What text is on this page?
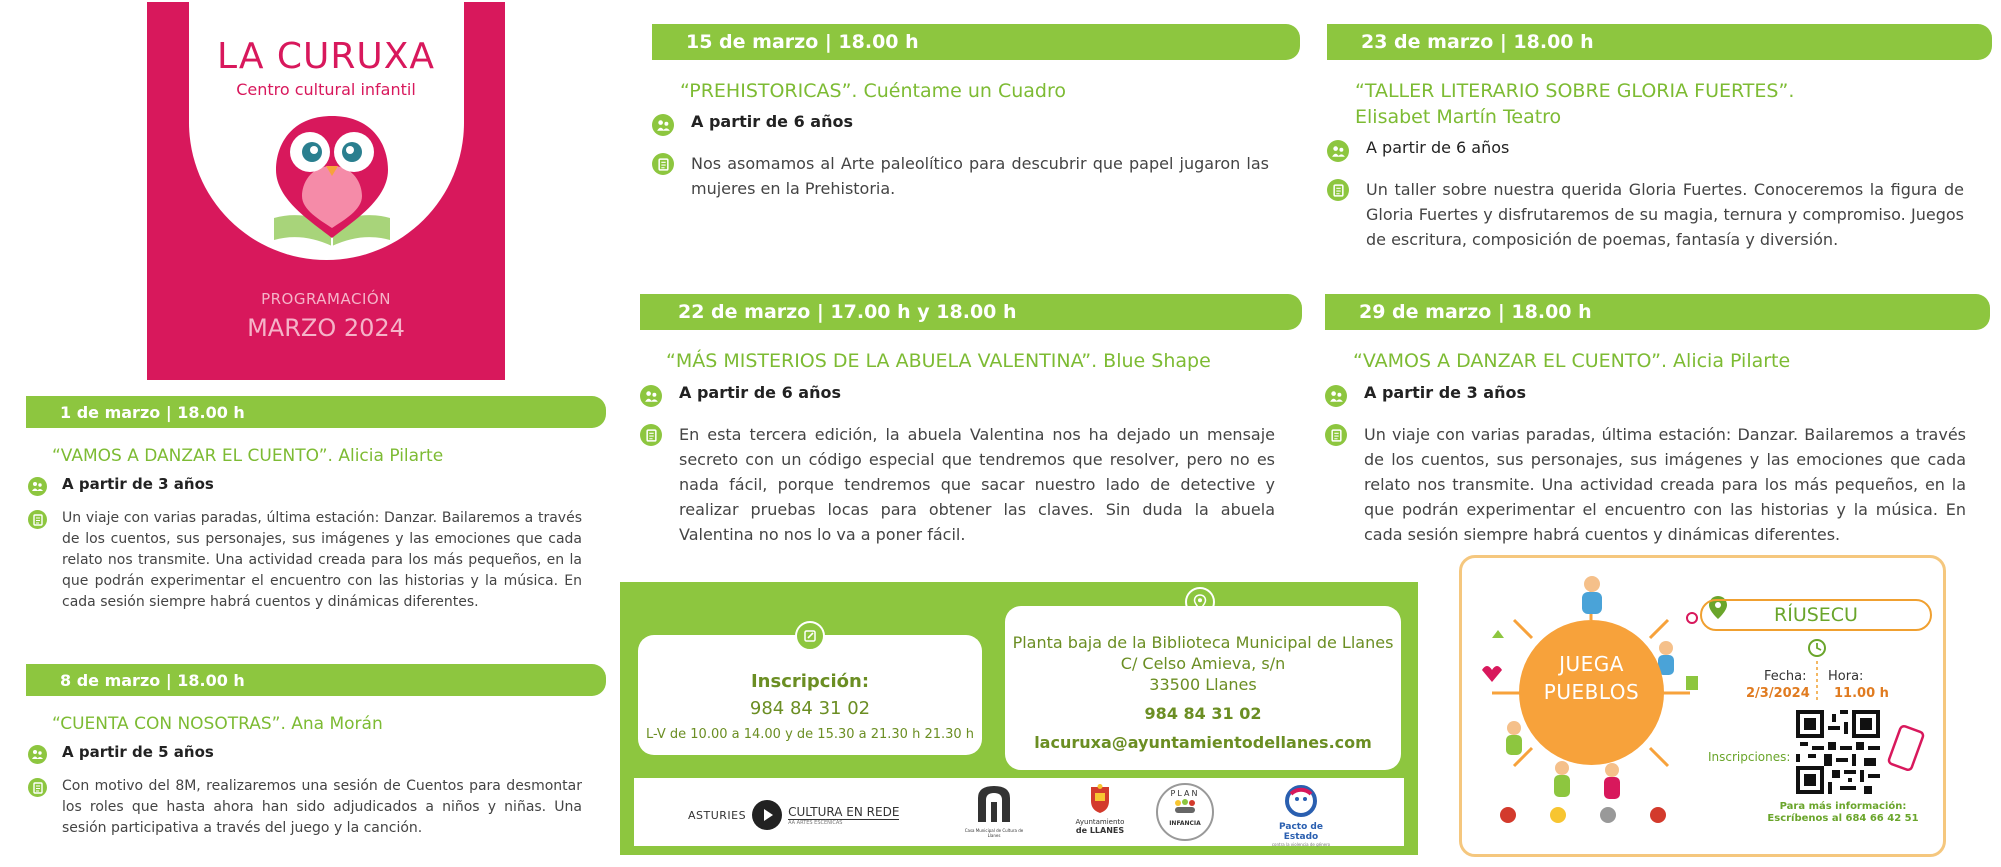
LA CURUXA
Centro cultural infantil
PROGRAMACIÓN
MARZO 2024
1 de marzo | 18.00 h
“VAMOS A DANZAR EL CUENTO”. Alicia Pilarte
A partir de 3 años
Un viaje con varias paradas, última estación: Danzar. Bailaremos a través de los cuentos, sus personajes, sus imágenes y las emociones que cada relato nos transmite. Una actividad creada para los más pequeños, en la que podrán experimentar el encuentro con las historias y la música. En cada sesión siempre habrá cuentos y dinámicas diferentes.
8 de marzo | 18.00 h
“CUENTA CON NOSOTRAS”. Ana Morán
A partir de 5 años
Con motivo del 8M, realizaremos una sesión de Cuentos para desmontar los roles que hasta ahora han sido adjudicados a niños y niñas. Una sesión participativa a través del juego y la canción.
15 de marzo | 18.00 h
“PREHISTORICAS”. Cuéntame un Cuadro
A partir de 6 años
Nos asomamos al Arte paleolítico para descubrir que papel jugaron las mujeres en la Prehistoria.
23 de marzo | 18.00 h
“TALLER LITERARIO SOBRE GLORIA FUERTES”.
Elisabet Martín Teatro
A partir de 6 años
Un taller sobre nuestra querida Gloria Fuertes. Conoceremos la figura de Gloria Fuertes y disfrutaremos de su magia, ternura y compromiso. Juegos de escritura, composición de poemas, fantasía y diversión.
22 de marzo | 17.00 h y 18.00 h
“MÁS MISTERIOS DE LA ABUELA VALENTINA”. Blue Shape
A partir de 6 años
En esta tercera edición, la abuela Valentina nos ha dejado un mensaje secreto con un código especial que tendremos que resolver, pero no es nada fácil, porque tendremos que sacar nuestro lado de detective y realizar pruebas locas para obtener las claves. Sin duda la abuela Valentina no nos lo va a poner fácil.
29 de marzo | 18.00 h
“VAMOS A DANZAR EL CUENTO”. Alicia Pilarte
A partir de 3 años
Un viaje con varias paradas, última estación: Danzar. Bailaremos a través de los cuentos, sus personajes, sus imágenes y las emociones que cada relato nos transmite. Una actividad creada para los más pequeños, en la que podrán experimentar el encuentro con las historias y la música. En cada sesión siempre habrá cuentos y dinámicas diferentes.
Inscripción:
984 84 31 02
L-V de 10.00 a 14.00 y de 15.30 a 21.30 h 21.30 h
Planta baja de la Biblioteca Municipal de Llanes
C/ Celso Amieva, s/n
33500 Llanes
984 84 31 02
lacuruxa@ayuntamientodellanes.com
ASTURIES	CULTURA EN REDE
AA ARTES ESCÉNICAS
Casa Municipal de Cultura de Llanes
Ayuntamiento
de LLANES
PLAN
INFANCIA	Pacto de Estado
contra la violencia de género
JUEGA
PUEBLOS
RÍUSECU
Fecha:
2/3/2024
Hora:
11.00 h
Inscripciones:
Para más información:
Escríbenos al 684 66 42 51
